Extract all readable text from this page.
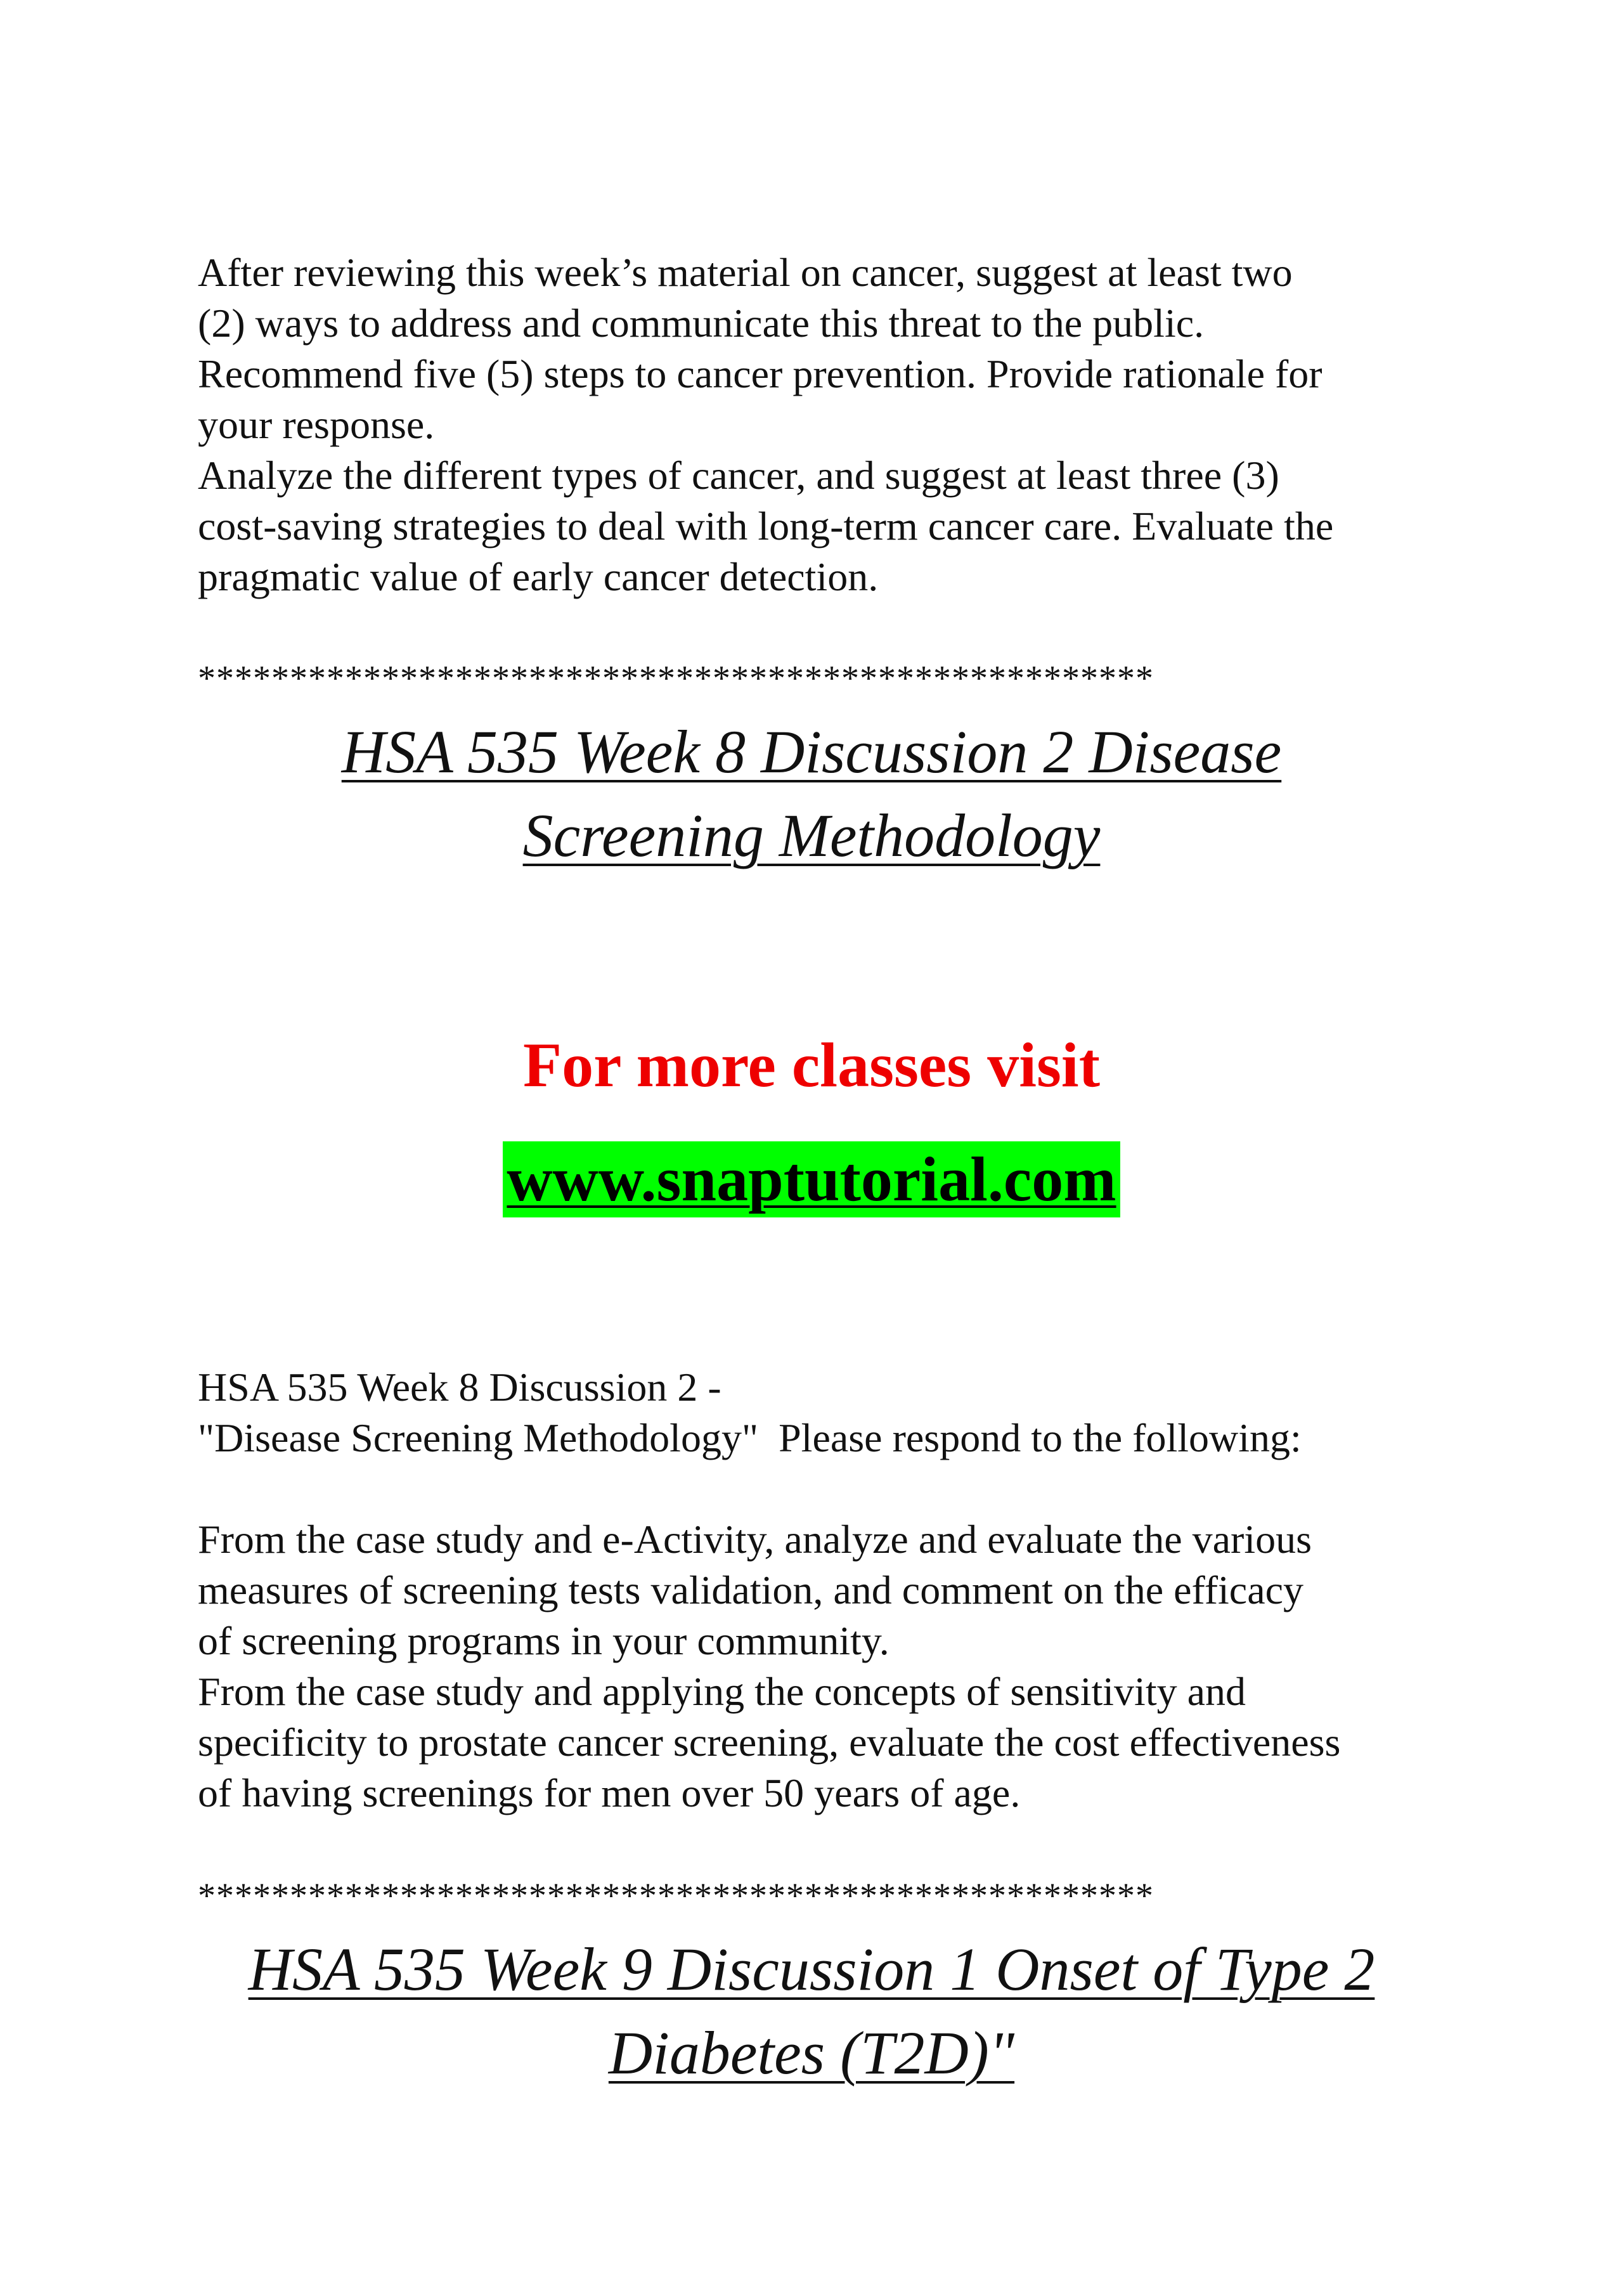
After reviewing this week’s material on cancer, suggest at least two
(2) ways to address and communicate this threat to the public.
Recommend five (5) steps to cancer prevention. Provide rationale for
your response.
Analyze the different types of cancer, and suggest at least three (3)
cost-saving strategies to deal with long-term cancer care. Evaluate the
pragmatic value of early cancer detection.
****************************************************
HSA 535 Week 8 Discussion 2 Disease
Screening Methodology
For more classes visit
www.snaptutorial.com
HSA 535 Week 8 Discussion 2 -
"Disease Screening Methodology"  Please respond to the following:
From the case study and e-Activity, analyze and evaluate the various
measures of screening tests validation, and comment on the efficacy
of screening programs in your community.
From the case study and applying the concepts of sensitivity and
specificity to prostate cancer screening, evaluate the cost effectiveness
of having screenings for men over 50 years of age.
****************************************************
HSA 535 Week 9 Discussion 1 Onset of Type 2
Diabetes (T2D)"
